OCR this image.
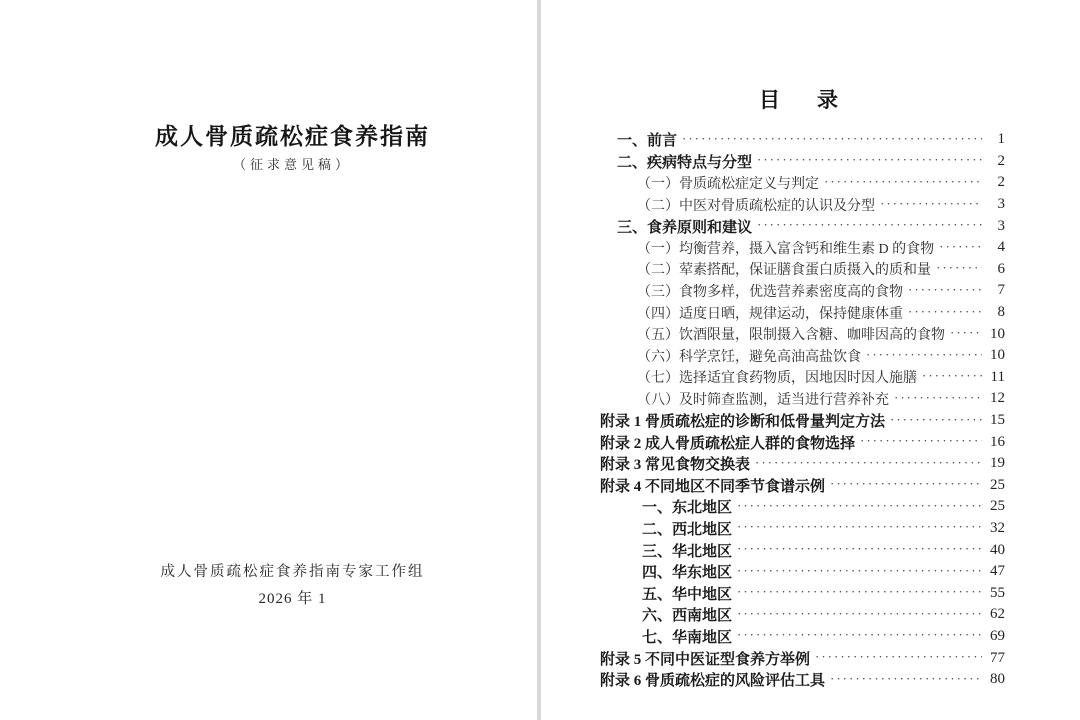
成人骨质疏松症食养指南
（征求意见稿）
成人骨质疏松症食养指南专家工作组
2026 年 1
目　录
一、前言 ·····	1
二、疾病特点与分型 ·····	2
（一）骨质疏松症定义与判定 ·····	2
（二）中医对骨质疏松症的认识及分型 ·····	3
三、食养原则和建议 ·····	3
（一）均衡营养，摄入富含钙和维生素 D 的食物 ·····	4
（二）荤素搭配，保证膳食蛋白质摄入的质和量 ·····	6
（三）食物多样，优选营养素密度高的食物 ·····	7
（四）适度日晒，规律运动，保持健康体重 ·····	8
（五）饮酒限量，限制摄入含糖、咖啡因高的食物 ·····	10
（六）科学烹饪，避免高油高盐饮食 ·····	10
（七）选择适宜食药物质，因地因时因人施膳 ·····	11
（八）及时筛查监测，适当进行营养补充 ·····	12
附录 1 骨质疏松症的诊断和低骨量判定方法 ·····	15
附录 2 成人骨质疏松症人群的食物选择 ·····	16
附录 3 常见食物交换表 ·····	19
附录 4 不同地区不同季节食谱示例 ·····	25
一、东北地区 ·····	25
二、西北地区 ·····	32
三、华北地区 ·····	40
四、华东地区 ·····	47
五、华中地区 ·····	55
六、西南地区 ·····	62
七、华南地区 ·····	69
附录 5 不同中医证型食养方举例 ·····	77
附录 6 骨质疏松症的风险评估工具 ·····	80
